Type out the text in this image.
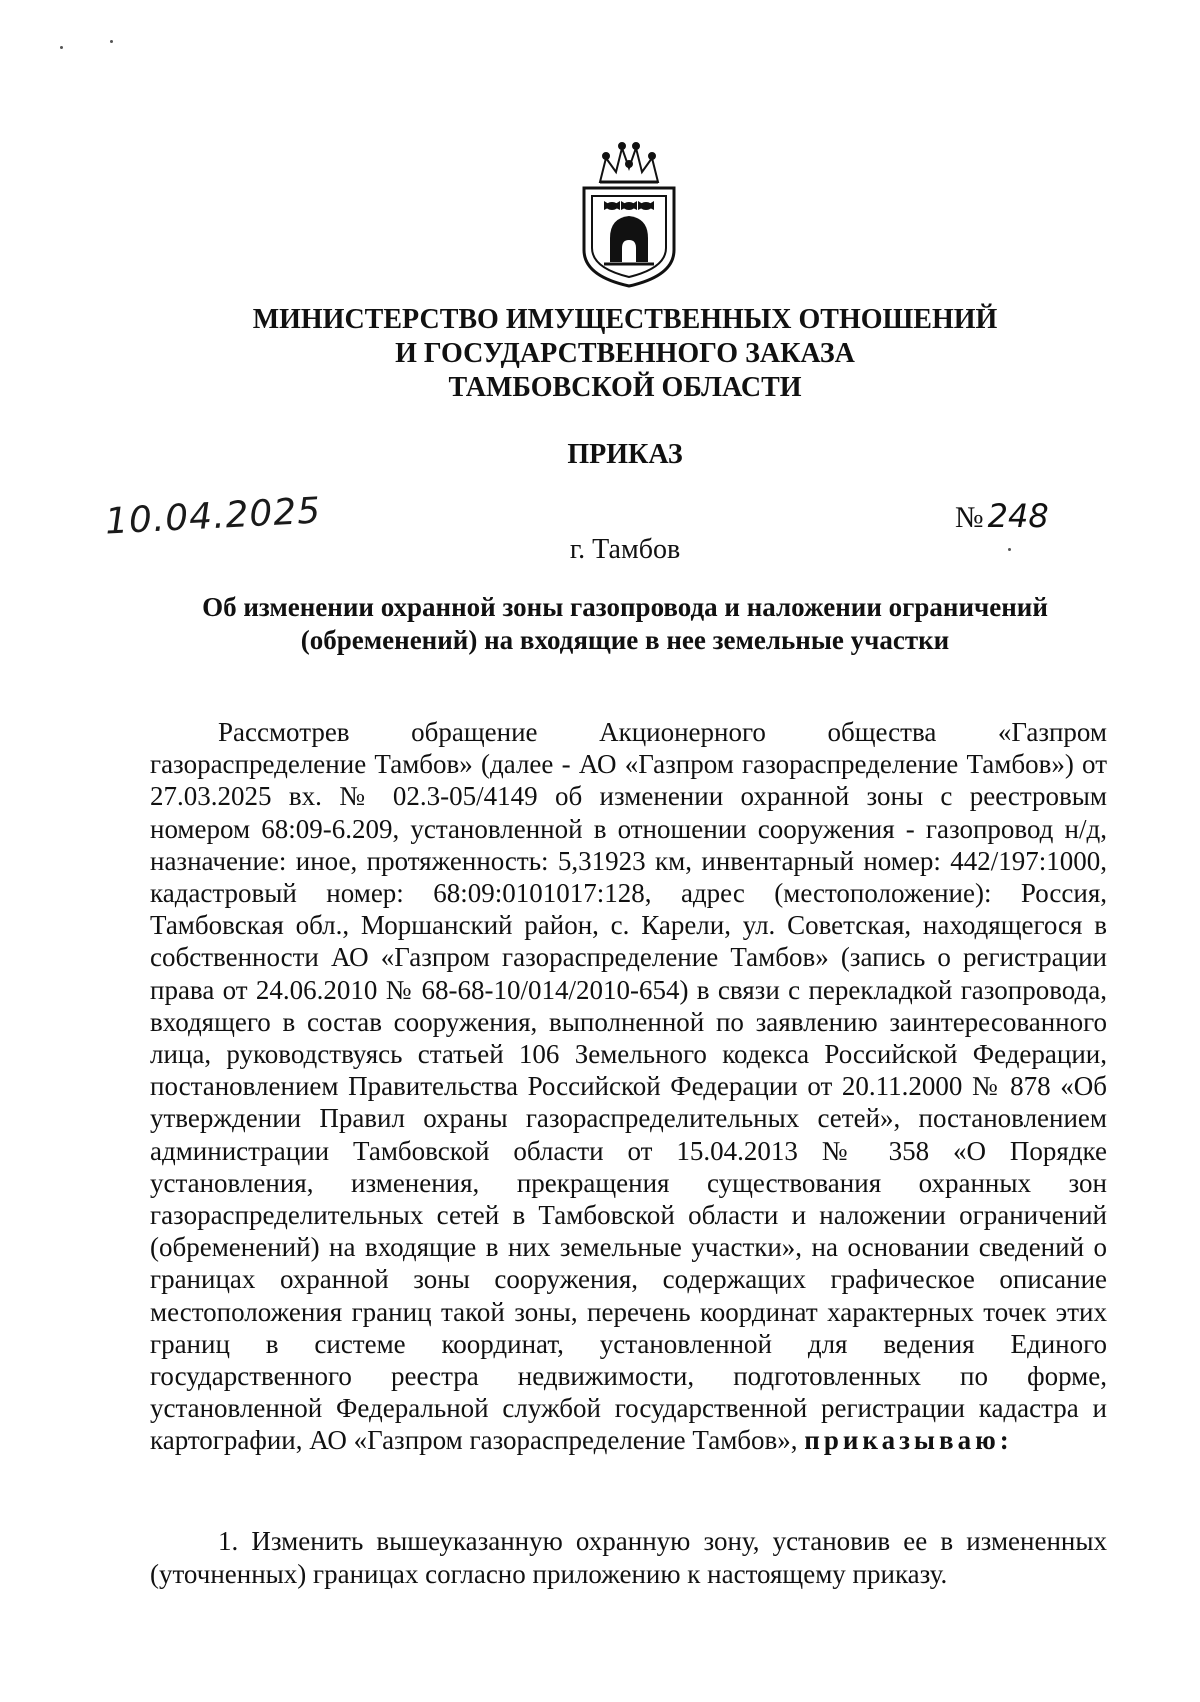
МИНИСТЕРСТВО ИМУЩЕСТВЕННЫХ ОТНОШЕНИЙ
И ГОСУДАРСТВЕННОГО ЗАКАЗА
ТАМБОВСКОЙ ОБЛАСТИ
ПРИКАЗ
10.04.2025	№ 248
г. Тамбов
Об изменении охранной зоны газопровода и наложении ограничений
(обременений) на входящие в нее земельные участки

Рассмотрев обращение Акционерного общества «Газпром газораспределение Тамбов» (далее - АО «Газпром газораспределение Тамбов») от 27.03.2025 вх. № 02.3-05/4149 об изменении охранной зоны с реестровым номером 68:09-6.209, установленной в отношении сооружения - газопровод н/д, назначение: иное, протяженность: 5,31923 км, инвентарный номер: 442/197:1000, кадастровый номер: 68:09:0101017:128, адрес (местоположение): Россия, Тамбовская обл., Моршанский район, с. Карели, ул. Советская, находящегося в собственности АО «Газпром газораспределение Тамбов» (запись о регистрации права от 24.06.2010 № 68-68-10/014/2010-654) в связи с перекладкой газопровода, входящего в состав сооружения, выполненной по заявлению заинтересованного лица, руководствуясь статьей 106 Земельного кодекса Российской Федерации, постановлением Правительства Российской Федерации от 20.11.2000 № 878 «Об утверждении Правил охраны газораспределительных сетей», постановлением администрации Тамбовской области от 15.04.2013 № 358 «О Порядке установления, изменения, прекращения существования охранных зон газораспределительных сетей в Тамбовской области и наложении ограничений (обременений) на входящие в них земельные участки», на основании сведений о границах охранной зоны сооружения, содержащих графическое описание местоположения границ такой зоны, перечень координат характерных точек этих границ в системе координат, установленной для ведения Единого государственного реестра недвижимости, подготовленных по форме, установленной Федеральной службой государственной регистрации кадастра и картографии, АО «Газпром газораспределение Тамбов», приказываю:

1. Изменить вышеуказанную охранную зону, установив ее в измененных (уточненных) границах согласно приложению к настоящему приказу.
